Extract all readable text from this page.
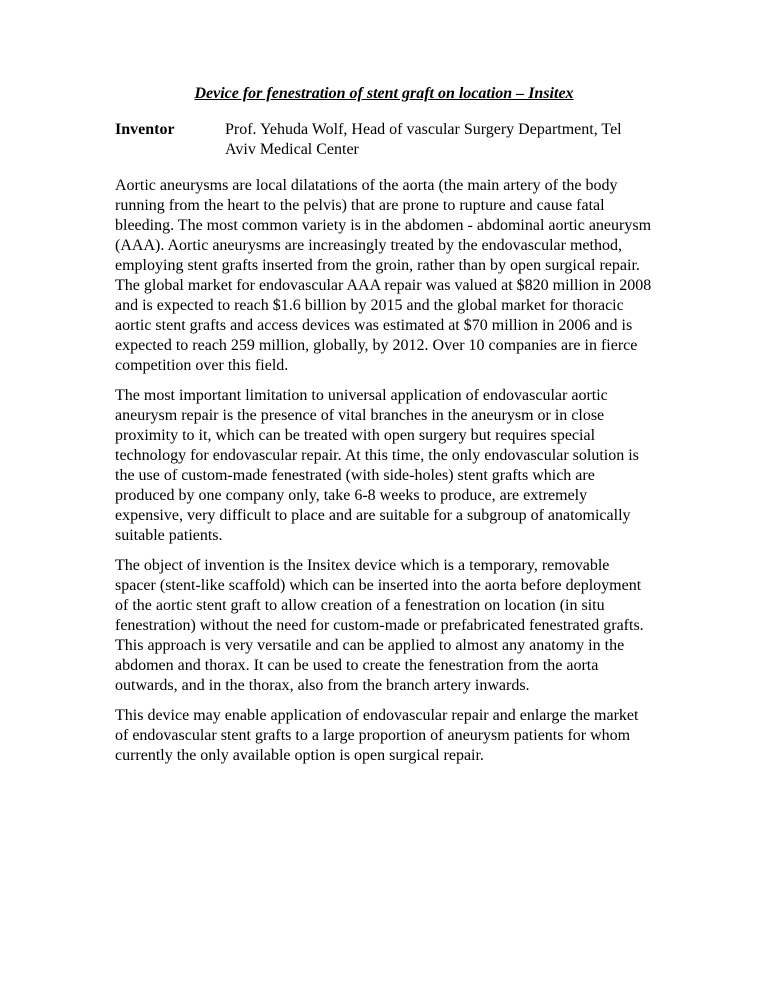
Device for fenestration of stent graft on location – Insitex
Inventor	Prof. Yehuda Wolf, Head of vascular Surgery Department, Tel Aviv Medical Center

Aortic aneurysms are local dilatations of the aorta (the main artery of the body running from the heart to the pelvis) that are prone to rupture and cause fatal bleeding. The most common variety is in the abdomen - abdominal aortic aneurysm (AAA). Aortic aneurysms are increasingly treated by the endovascular method, employing stent grafts inserted from the groin, rather than by open surgical repair. The global market for endovascular AAA repair was valued at $820 million in 2008 and is expected to reach $1.6 billion by 2015 and the global market for thoracic aortic stent grafts and access devices was estimated at $70 million in 2006 and is expected to reach 259 million, globally, by 2012. Over 10 companies are in fierce competition over this field.

The most important limitation to universal application of endovascular aortic aneurysm repair is the presence of vital branches in the aneurysm or in close proximity to it, which can be treated with open surgery but requires special technology for endovascular repair. At this time, the only endovascular solution is the use of custom-made fenestrated (with side-holes) stent grafts which are produced by one company only, take 6-8 weeks to produce, are extremely expensive, very difficult to place and are suitable for a subgroup of anatomically suitable patients.

The object of invention is the Insitex device which is a temporary, removable spacer (stent-like scaffold) which can be inserted into the aorta before deployment of the aortic stent graft to allow creation of a fenestration on location (in situ fenestration) without the need for custom-made or prefabricated fenestrated grafts. This approach is very versatile and can be applied to almost any anatomy in the abdomen and thorax. It can be used to create the fenestration from the aorta outwards, and in the thorax, also from the branch artery inwards.

This device may enable application of endovascular repair and enlarge the market of endovascular stent grafts to a large proportion of aneurysm patients for whom currently the only available option is open surgical repair.
